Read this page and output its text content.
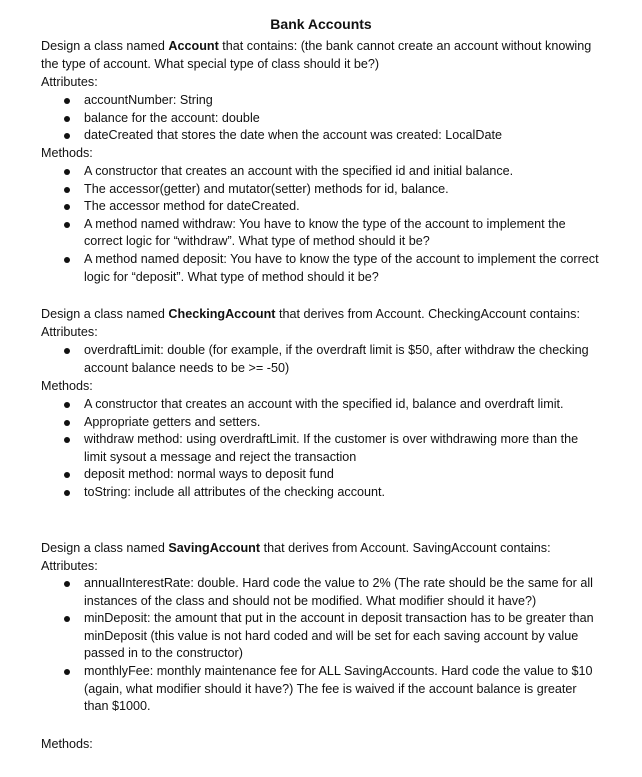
Bank Accounts

Design a class named Account that contains: (the bank cannot create an account without knowing the type of account. What special type of class should it be?)

Attributes:

accountNumber: String
balance for the account: double
dateCreated that stores the date when the account was created: LocalDate

Methods:

A constructor that creates an account with the specified id and initial balance.
The accessor(getter) and mutator(setter) methods for id, balance.
The accessor method for dateCreated.
A method named withdraw: You have to know the type of the account to implement the correct logic for “withdraw”. What type of method should it be?
A method named deposit: You have to know the type of the account to implement the correct logic for “deposit”. What type of method should it be?

Design a class named CheckingAccount that derives from Account. CheckingAccount contains:

Attributes:

overdraftLimit: double (for example, if the overdraft limit is $50, after withdraw the checking account balance needs to be >= -50)

Methods:

A constructor that creates an account with the specified id, balance and overdraft limit.
Appropriate getters and setters.
withdraw method: using overdraftLimit. If the customer is over withdrawing more than the limit sysout a message and reject the transaction
deposit method: normal ways to deposit fund
toString: include all attributes of the checking account.

Design a class named SavingAccount that derives from Account. SavingAccount contains:

Attributes:

annualInterestRate: double. Hard code the value to 2% (The rate should be the same for all instances of the class and should not be modified. What modifier should it have?)
minDeposit: the amount that put in the account in deposit transaction has to be greater than minDeposit (this value is not hard coded and will be set for each saving account by value passed in to the constructor)
monthlyFee: monthly maintenance fee for ALL SavingAccounts. Hard code the value to $10 (again, what modifier should it have?) The fee is waived if the account balance is greater than $1000.

Methods:
